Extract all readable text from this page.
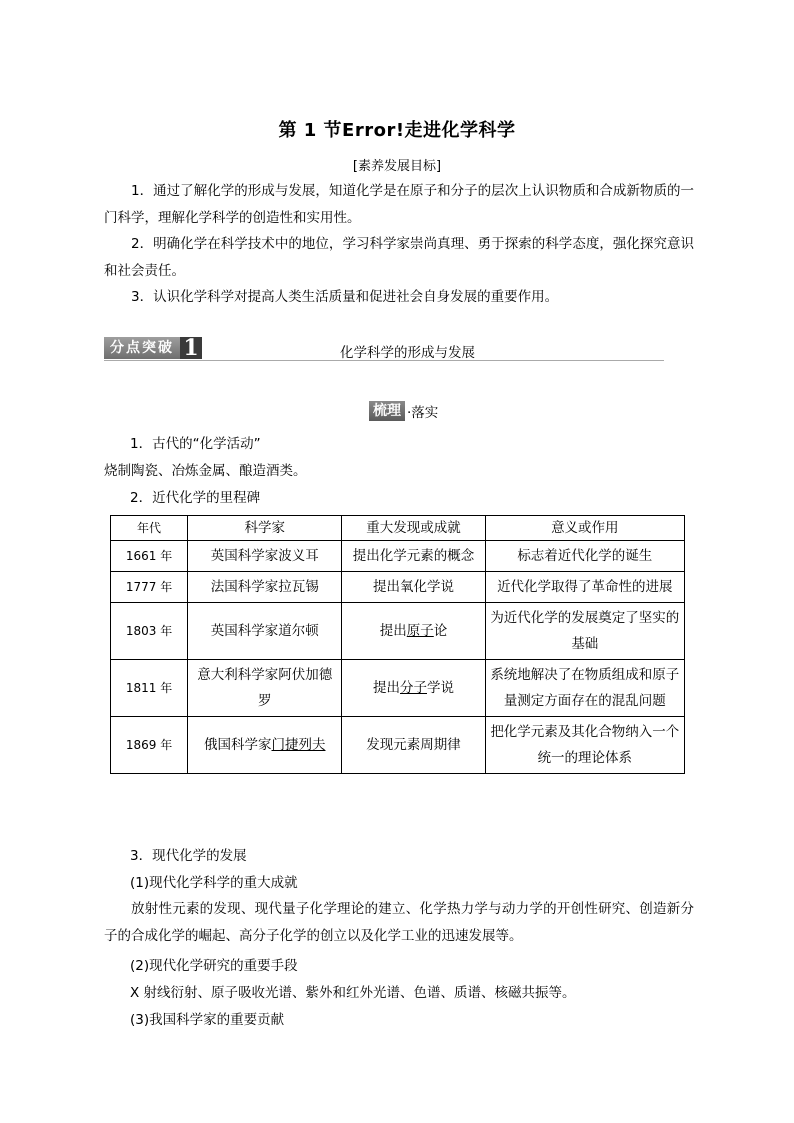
第 1 节Error!走进化学科学
[素养发展目标]

1．通过了解化学的形成与发展，知道化学是在原子和分子的层次上认识物质和合成新物质的一门科学，理解化学科学的创造性和实用性。

2．明确化学在科学技术中的地位，学习科学家崇尚真理、勇于探索的科学态度，强化探究意识和社会责任。

3．认识化学科学对提高人类生活质量和促进社会自身发展的重要作用。

分点突破 1	化学科学的形成与发展
梳理 ·落实
1．古代的“化学活动”
烧制陶瓷、冶炼金属、酿造酒类。
2．近代化学的里程碑
年代	科学家	重大发现或成就	意义或作用
1661 年	英国科学家波义耳	提出化学元素的概念	标志着近代化学的诞生
1777 年	法国科学家拉瓦锡	提出氧化学说	近代化学取得了革命性的进展
1803 年	英国科学家道尔顿	提出原子论	为近代化学的发展奠定了坚实的基础
1811 年	意大利科学家阿伏加德罗	提出分子学说	系统地解决了在物质组成和原子量测定方面存在的混乱问题
1869 年	俄国科学家门捷列夫	发现元素周期律	把化学元素及其化合物纳入一个统一的理论体系
3．现代化学的发展
(1)现代化学科学的重大成就

放射性元素的发现、现代量子化学理论的建立、化学热力学与动力学的开创性研究、创造新分子的合成化学的崛起、高分子化学的创立以及化学工业的迅速发展等。

(2)现代化学研究的重要手段
X 射线衍射、原子吸收光谱、紫外和红外光谱、色谱、质谱、核磁共振等。
(3)我国科学家的重要贡献
